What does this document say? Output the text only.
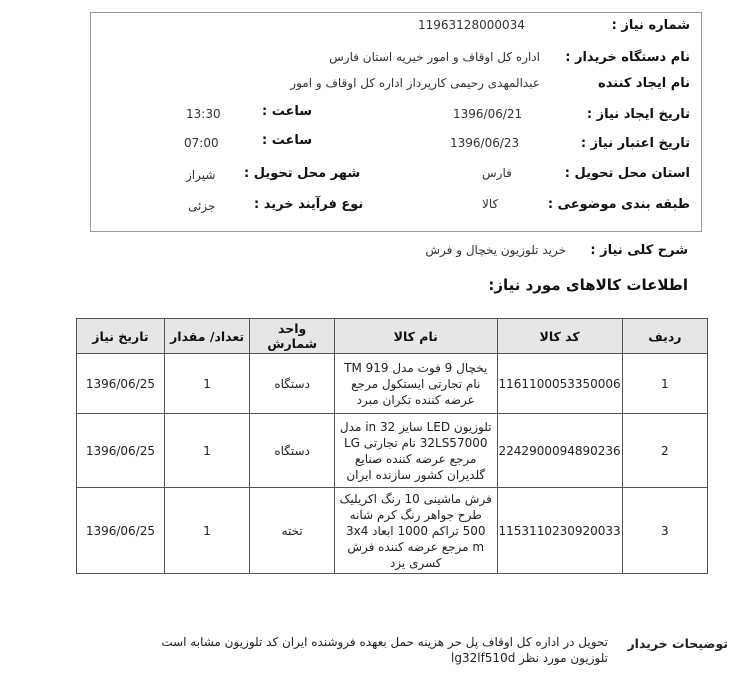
شماره نیاز :
11963128000034
نام دستگاه خریدار :
اداره کل اوقاف و امور خیریه استان فارس
نام ایجاد کننده
عبدالمهدی رحیمی کارپرداز اداره کل اوقاف و امور
تاریخ ایجاد نیاز :
1396/06/21
ساعت :
13:30
تاریخ اعتبار نیاز :
1396/06/23
ساعت :
07:00
استان محل تحویل :
فارس
شهر محل تحویل :
شیراز
طبقه بندی موضوعی :
کالا
نوع فرآیند خرید :
جزئی
شرح کلی نیاز :
خرید تلوزیون یخچال و فرش
اطلاعات کالاهای مورد نیاز:
ردیف	کد کالا	نام کالا	واحد شمارش	تعداد/ مقدار	تاریخ نیاز
1	1161100053350006	یخچال 9 فوت مدل TM 919 نام تجارتی ایستکول مرجع عرضه کننده تکران مبرد	دستگاه	1	1396/06/25
2	2242900094890236	تلوزیون LED سایز 32 in مدل 32LS57000 نام تجارتی LG مرجع عرضه کننده صنایع گلدیران کشور سازنده ایران	دستگاه	1	1396/06/25
3	1153110230920033	فرش ماشینی 10 رنگ اکریلیک طرح جواهر رنگ کرم شانه 500 تراکم 1000 ابعاد 3x4 m مرجع عرضه کننده فرش کسری یزد	تخته	1	1396/06/25
توضیحات خریدار
تحویل در اداره کل اوقاف پل حر هزینه حمل بعهده فروشنده ایران کد تلوزیون مشابه است تلوزیون مورد نظر lg32lf510d
